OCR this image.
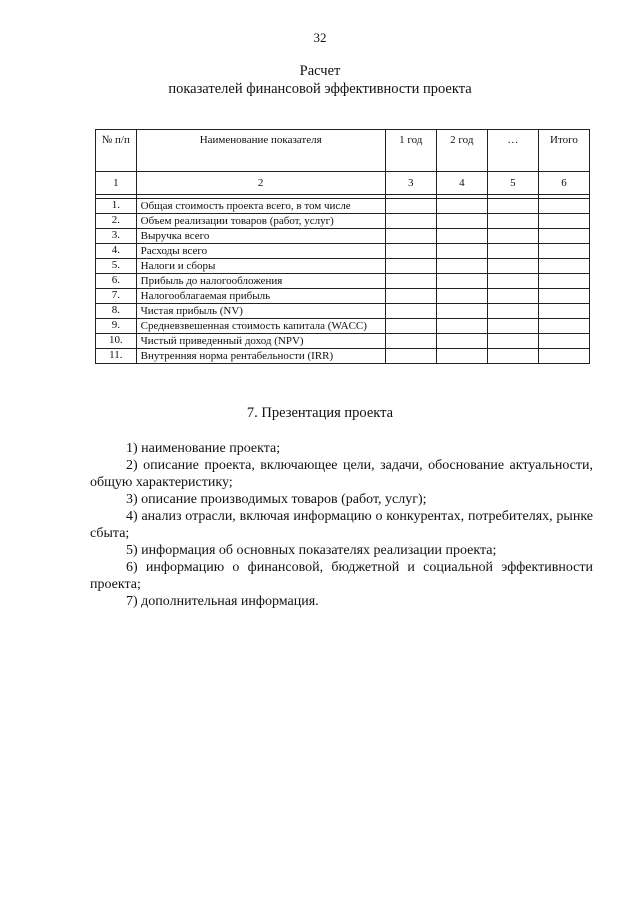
32
Расчет
показателей финансовой эффективности проекта
№ п/п	Наименование показателя	1 год	2 год	…	Итого
1	2	3	4	5	6

1.	Общая стоимость проекта всего, в том числе				
2.	Объем реализации товаров (работ, услуг)				
3.	Выручка всего				
4.	Расходы всего				
5.	Налоги и сборы				
6.	Прибыль до налогообложения				
7.	Налогооблагаемая прибыль				
8.	Чистая прибыль (NV)				
9.	Средневзвешенная стоимость капитала (WACC)				
10.	Чистый приведенный доход (NPV)				
11.	Внутренняя норма рентабельности (IRR)				
7. Презентация проекта

1) наименование проекта;

2) описание проекта, включающее цели, задачи, обоснование актуальности, общую характеристику;

3) описание производимых товаров (работ, услуг);

4) анализ отрасли, включая информацию о конкурентах, потребителях, рынке сбыта;

5) информация об основных показателях реализации проекта;

6) информацию о финансовой, бюджетной и социальной эффективности проекта;

7) дополнительная информация.
